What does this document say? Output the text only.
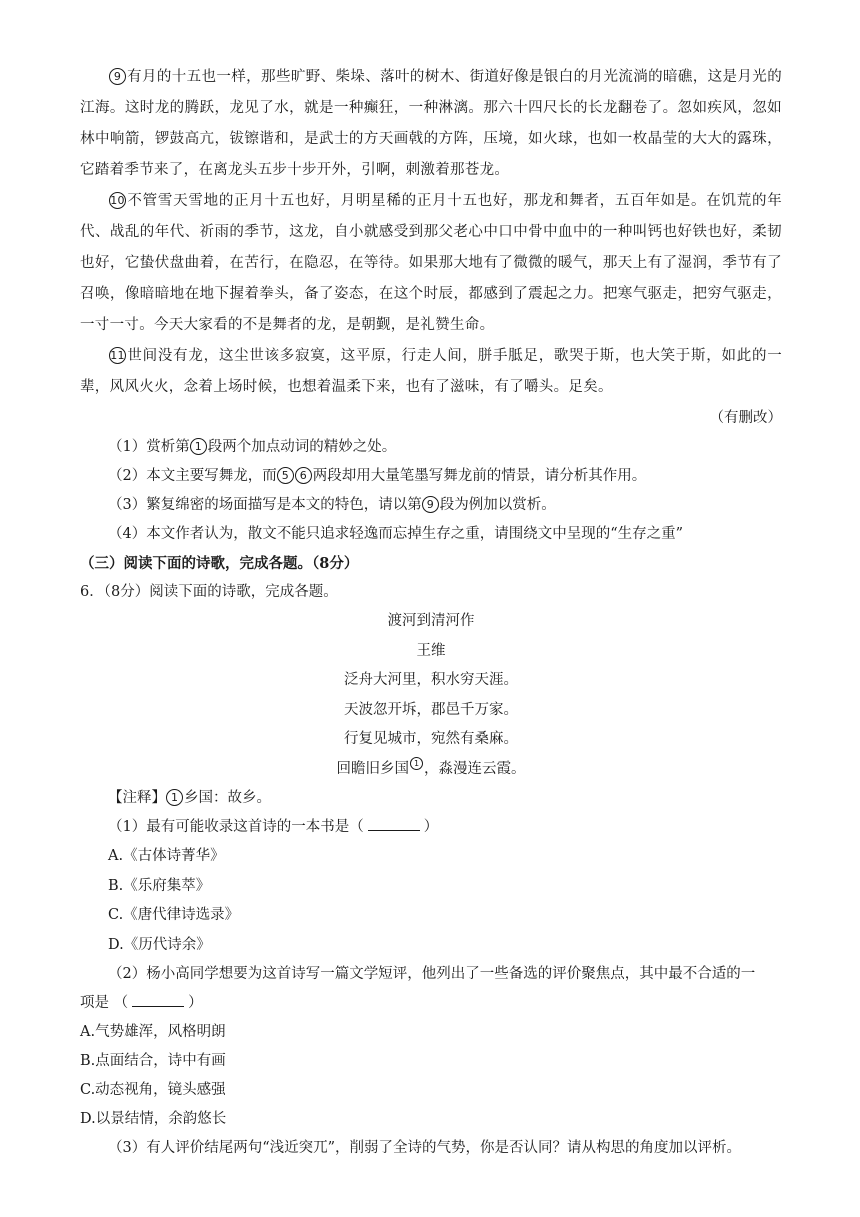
9 有月的十五也一样，那些旷野、柴垛、落叶的树木、街道好像是银白的月光流淌的暗礁，这是月光的江海。这时龙的腾跃，龙见了水，就是一种癫狂，一种淋漓。那六十四尺长的长龙翻卷了。忽如疾风，忽如林中响箭，锣鼓高亢，钹镲谐和，是武士的方天画戟的方阵，压境，如火球，也如一枚晶莹的大大的露珠，它踏着季节来了，在离龙头五步十步开外，引啊，刺激着那苍龙。

10 不管雪天雪地的正月十五也好，月明星稀的正月十五也好，那龙和舞者，五百年如是。在饥荒的年代、战乱的年代、祈雨的季节，这龙，自小就感受到那父老心中口中骨中血中的一种叫钙也好铁也好，柔韧也好，它蛰伏盘曲着，在苦行，在隐忍，在等待。如果那大地有了微微的暖气，那天上有了湿润，季节有了召唤，像暗暗地在地下握着拳头，备了姿态，在这个时辰，都感到了震起之力。把寒气驱走，把穷气驱走，一寸一寸。今天大家看的不是舞者的龙，是朝觐，是礼赞生命。

11 世间没有龙，这尘世该多寂寞，这平原，行走人间，胼手胝足，歌哭于斯，也大笑于斯，如此的一辈，风风火火，念着上场时候，也想着温柔下来，也有了滋味，有了嚼头。足矣。

（有删改）

（1）赏析第 1 段两个加点动词的精妙之处。

（2）本文主要写舞龙，而 5 6 两段却用大量笔墨写舞龙前的情景，请分析其作用。

（3）繁复绵密的场面描写是本文的特色，请以第 9 段为例加以赏析。

（4）本文作者认为，散文不能只追求轻逸而忘掉生存之重，请围绕文中呈现的“生存之重”

（三）阅读下面的诗歌，完成各题。（8分）

6．（8分）阅读下面的诗歌，完成各题。

渡河到清河作

王维

泛舟大河里，积水穷天涯。

天波忽开坼，郡邑千万家。

行复见城市，宛然有桑麻。

回瞻旧乡国 $^1$ ，淼漫连云霞。

【注释】 1 乡国：故乡。

（1）最有可能收录这首诗的一本书是（	）

A.《古体诗菁华》

B.《乐府集萃》

C.《唐代律诗选录》

D.《历代诗余》

（2）杨小高同学想要为这首诗写一篇文学短评，他列出了一些备选的评价聚焦点，其中最不合适的一

项是 （	）

A.气势雄浑，风格明朗

B.点面结合，诗中有画

C.动态视角，镜头感强

D.以景结情，余韵悠长

（3）有人评价结尾两句“浅近突兀”，削弱了全诗的气势，你是否认同？请从构思的角度加以评析。
